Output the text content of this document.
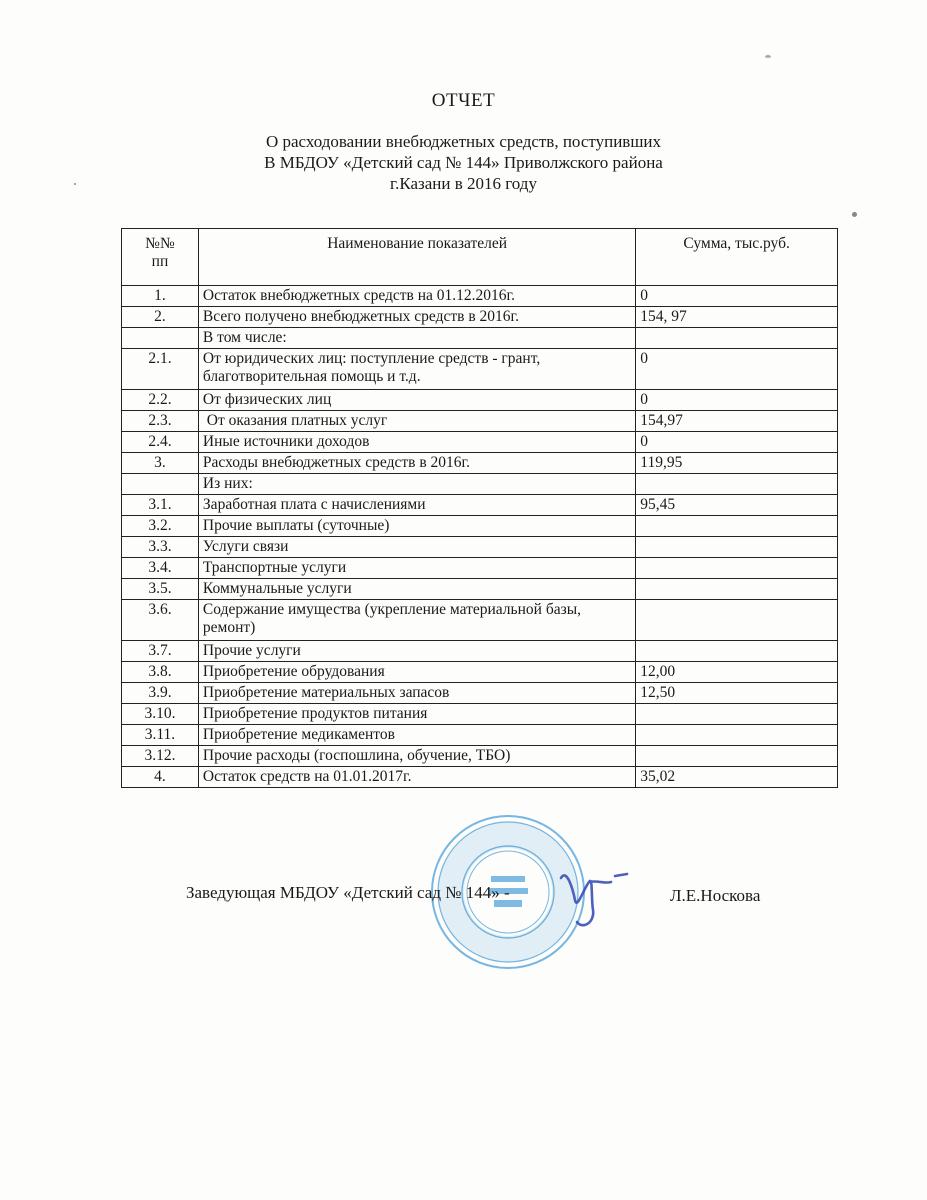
ОТЧЕТ
О расходовании внебюджетных средств, поступивших
В МБДОУ «Детский сад № 144» Приволжского района
г.Казани в 2016 году
№№
пп	Наименование показателей	Сумма, тыс.руб.
1.	Остаток внебюджетных средств на 01.12.2016г.	0
2.	Всего получено внебюджетных средств в 2016г.	154, 97
	В том числе:	
2.1.	От юридических лиц: поступление средств - грант, благотворительная помощь и т.д.	0
2.2.	От физических лиц	0
2.3.	От оказания платных услуг	154,97
2.4.	Иные источники доходов	0
3.	Расходы внебюджетных средств в 2016г.	119,95
	Из них:	
3.1.	Заработная плата с начислениями	95,45
3.2.	Прочие выплаты (суточные)	
3.3.	Услуги связи	
3.4.	Транспортные услуги	
3.5.	Коммунальные услуги	
3.6.	Содержание имущества (укрепление материальной базы, ремонт)	
3.7.	Прочие услуги	
3.8.	Приобретение обрудования	12,00
3.9.	Приобретение материальных запасов	12,50
3.10.	Приобретение продуктов питания	
3.11.	Приобретение медикаментов	
3.12.	Прочие расходы (госпошлина, обучение, ТБО)	
4.	Остаток средств на 01.01.2017г.	35,02
Заведующая МБДОУ «Детский сад № 144» -	Л.Е.Носкова
